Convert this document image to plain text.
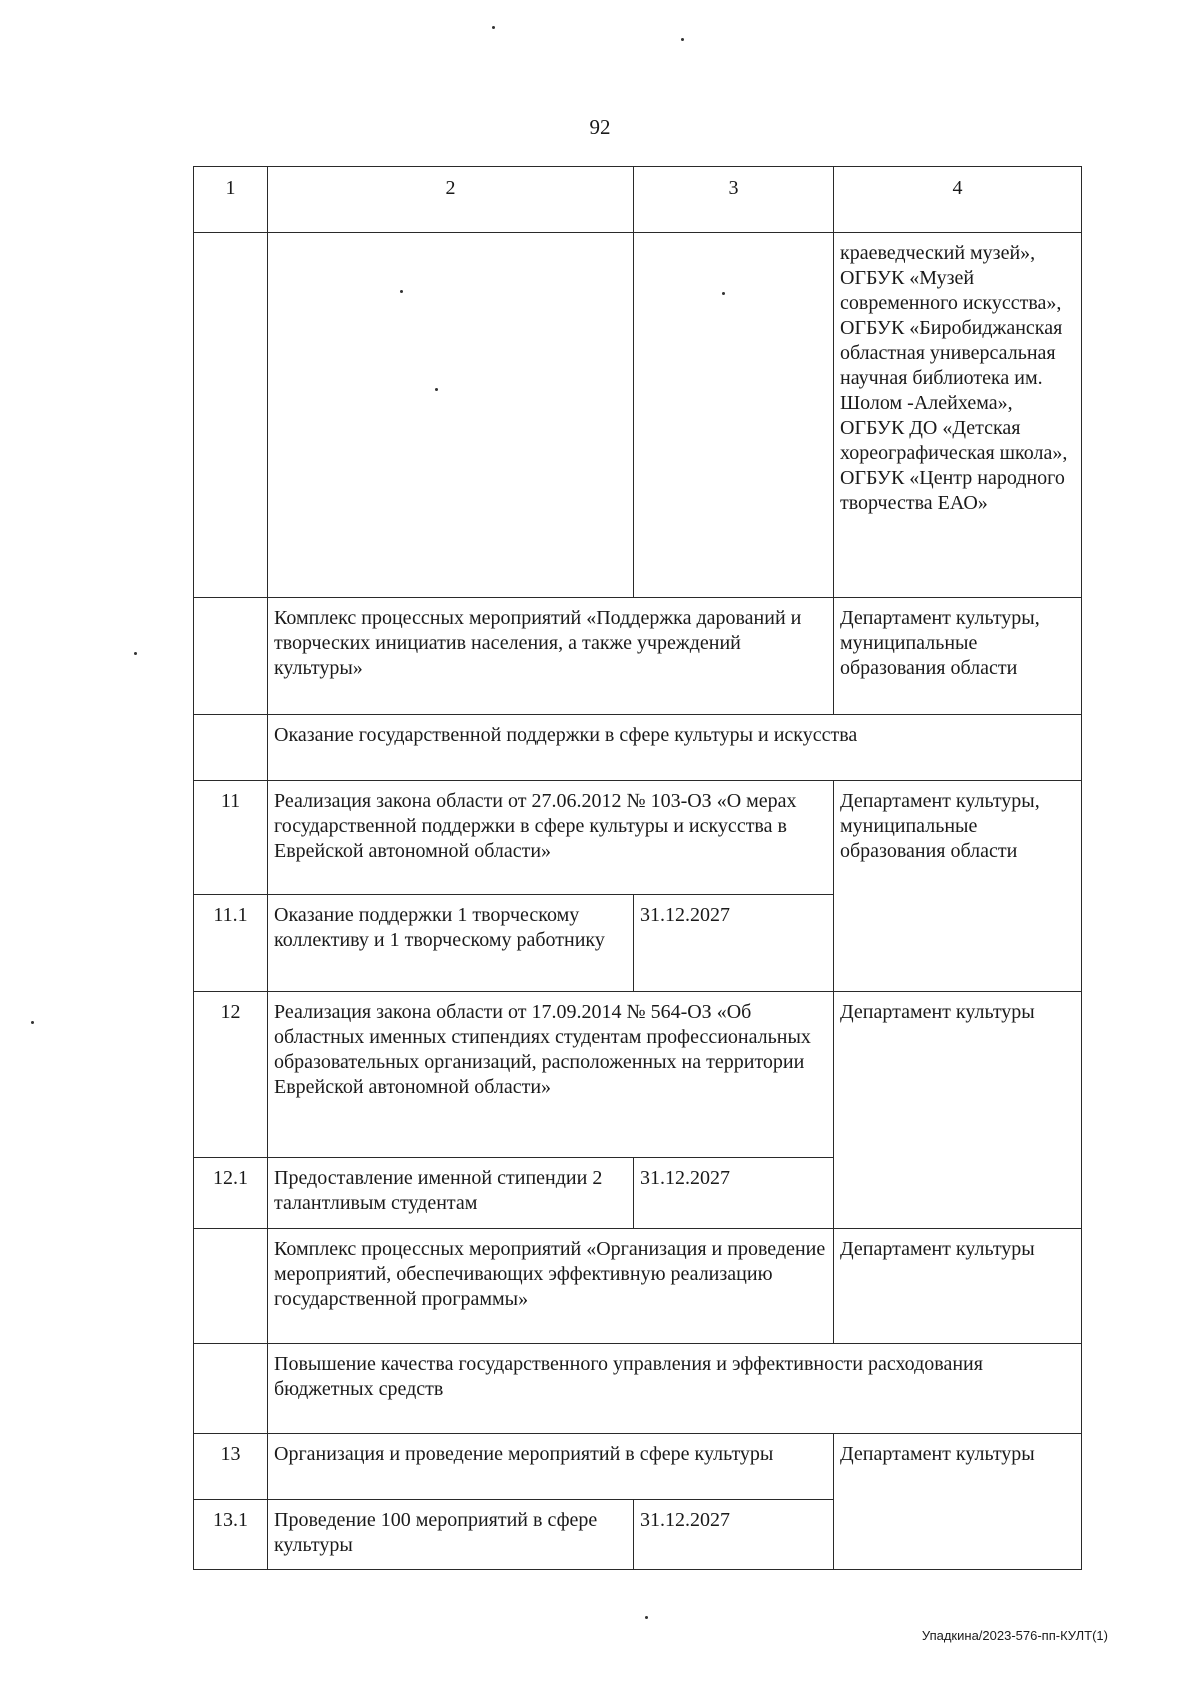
92
1	2	3	4
			краеведческий музей», ОГБУК «Музей современного искусства», ОГБУК «Биробиджанская областная универсальная научная библиотека им. Шолом -Алейхема», ОГБУК ДО «Детская хореографическая школа», ОГБУК «Центр народного творчества ЕАО»
	Комплекс процессных мероприятий «Поддержка дарований и творческих инициатив населения, а также учреждений культуры»		Департамент культуры, муниципальные образования области
	Оказание государственной поддержки в сфере культуры и искусства		
11	Реализация закона области от 27.06.2012 № 103-ОЗ «О мерах государственной поддержки в сфере культуры и искусства в Еврейской автономной области»		Департамент культуры, муниципальные образования области
11.1	Оказание поддержки 1 творческому коллективу и 1 творческому работнику	31.12.2027	
12	Реализация закона области от 17.09.2014 № 564-ОЗ «Об областных именных стипендиях студентам профессиональных образовательных организаций, расположенных на территории Еврейской автономной области»		Департамент культуры
12.1	Предоставление именной стипендии 2 талантливым студентам	31.12.2027	
	Комплекс процессных мероприятий «Организация и проведение мероприятий, обеспечивающих эффективную реализацию государственной программы»		Департамент культуры
	Повышение качества государственного управления и эффективности расходования бюджетных средств		
13	Организация и проведение мероприятий в сфере культуры		Департамент культуры
13.1	Проведение 100 мероприятий в сфере культуры	31.12.2027	
Упадкина/2023-576-пп-КУЛТ(1)
